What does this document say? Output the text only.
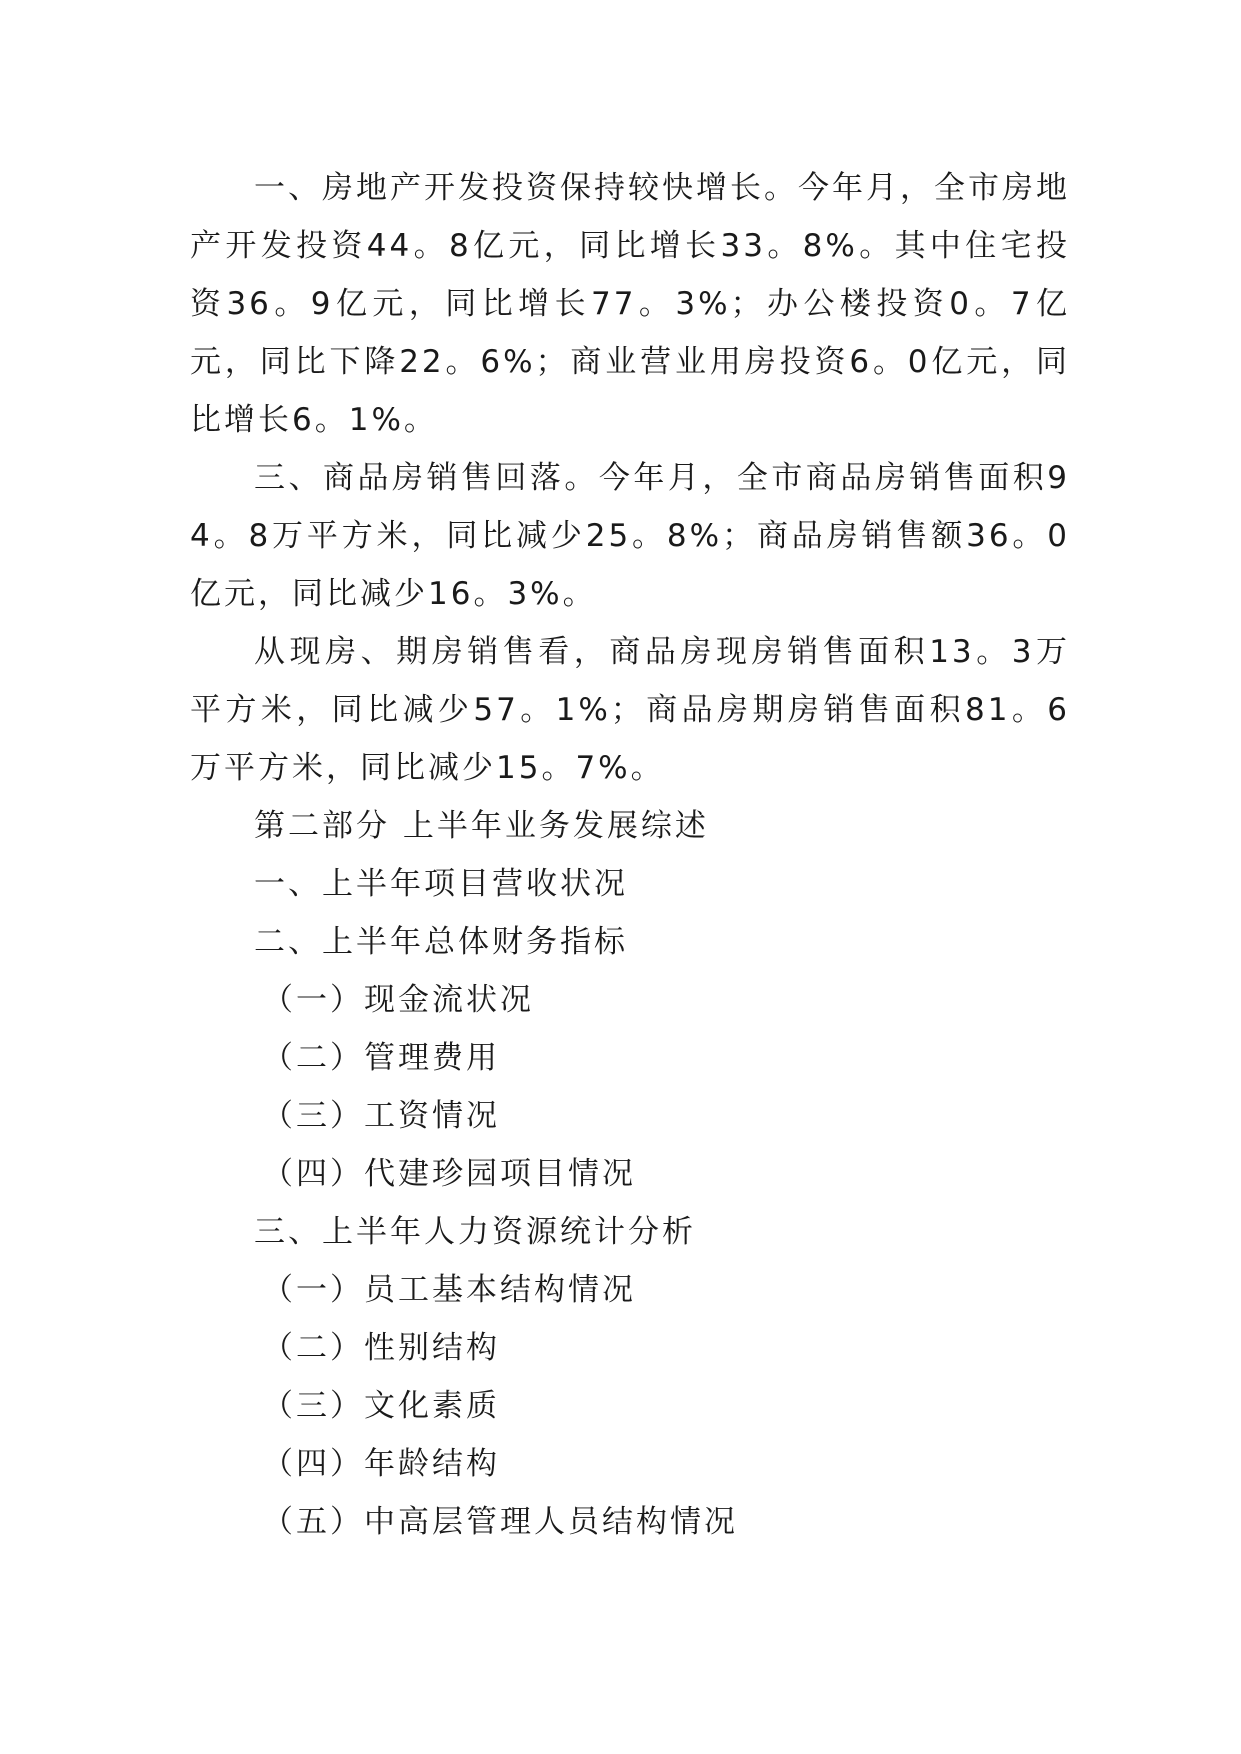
一、房地产开发投资保持较快增长。今年月，全市房地产开发投资44。8亿元，同比增长33。8%。其中住宅投资36。9亿元，同比增长77。3%；办公楼投资0。7亿元，同比下降22。6%；商业营业用房投资6。0亿元，同比增长6。1%。

三、商品房销售回落。今年月，全市商品房销售面积94。8万平方米，同比减少25。8%；商品房销售额36。0亿元，同比减少16。3%。

从现房、期房销售看，商品房现房销售面积13。3万平方米，同比减少57。1%；商品房期房销售面积81。6万平方米，同比减少15。7%。

第二部分 上半年业务发展综述

一、上半年项目营收状况

二、上半年总体财务指标

（一）现金流状况

（二）管理费用

（三）工资情况

（四）代建珍园项目情况

三、上半年人力资源统计分析

（一）员工基本结构情况

（二）性别结构

（三）文化素质

（四）年龄结构

（五）中高层管理人员结构情况
